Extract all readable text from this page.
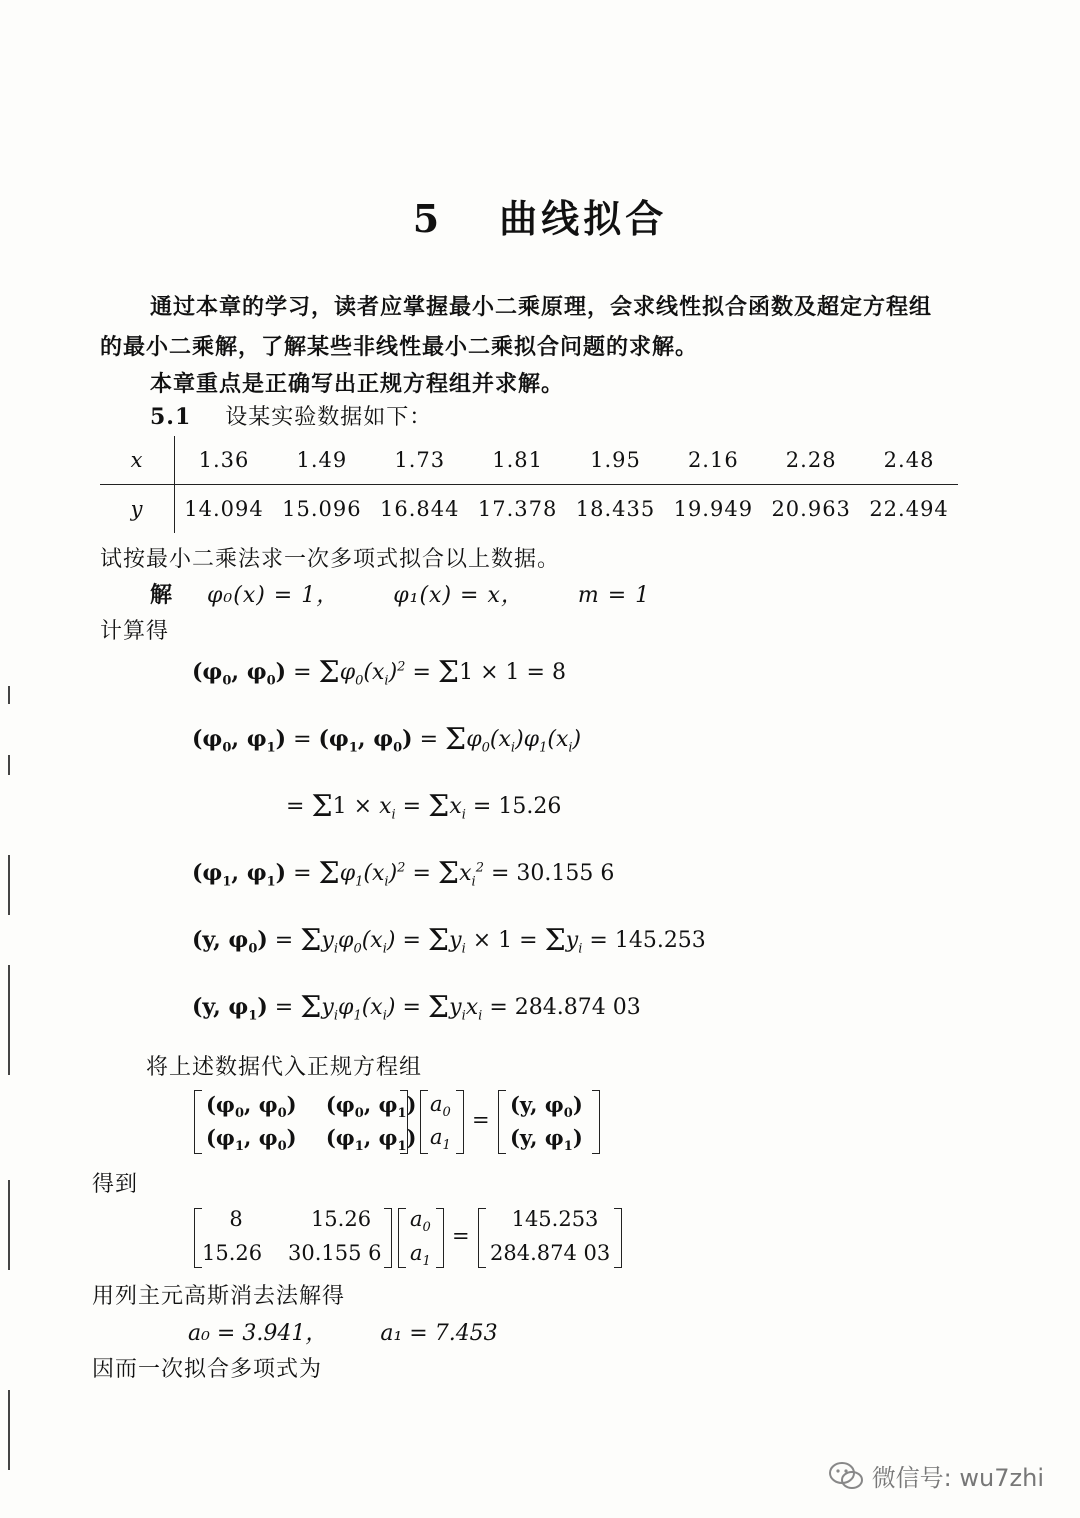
5 曲线拟合
通过本章的学习，读者应掌握最小二乘原理，会求线性拟合函数及超定方程组
的最小二乘解，了解某些非线性最小二乘拟合问题的求解。
本章重点是正确写出正规方程组并求解。
5.1 设某实验数据如下：
x	1.36	1.49	1.73	1.81	1.95	2.16	2.28	2.48
y	14.094	15.096	16.844	17.378	18.435	19.949	20.963	22.494
试按最小二乘法求一次多项式拟合以上数据。
解 φ₀(x) = 1， φ₁(x) = x， m = 1
计算得
($\varphi_0$, $\varphi_0) = \Sigma\varphi_0(x_i)^2 = \Sigma 1 \times 1 = 8$
($\varphi_0$, $\varphi_1) = (\varphi_1$, $\varphi_0) = \Sigma\varphi_0(x_i)\varphi_1(x_i)$
= $\Sigma 1 \times x_i = \Sigma x_i = 15.26$
($\varphi_1$, $\varphi_1) = \Sigma\varphi_1(x_i)^2 = \Sigma x_i^2 = 30.155$ 6
(y, $\varphi_0) = \Sigma y_i\varphi_0(x_i) = \Sigma y_i \times 1 = \Sigma y_i = 145.253$
(y, $\varphi_1) = \Sigma y_i\varphi_1(x_i) = \Sigma y_ix_i = 284.874$ 03
将上述数据代入正规方程组
($\varphi_0$, $\varphi_0$)    ($\varphi_0$, $\varphi_1$)
($\varphi_1$, $\varphi_0$)    ($\varphi_1$, $\varphi_1$)
$a_0$
$a_1$
=
(y, $\varphi_0$)
(y, $\varphi_1$)
得到
8	15.26
15.26 30.155 6
$a_0$
$a_1$
=
145.253
284.874 03
用列主元高斯消去法解得
a₀ = 3.941， a₁ = 7.453
因而一次拟合多项式为
微信号: wu7zhi
